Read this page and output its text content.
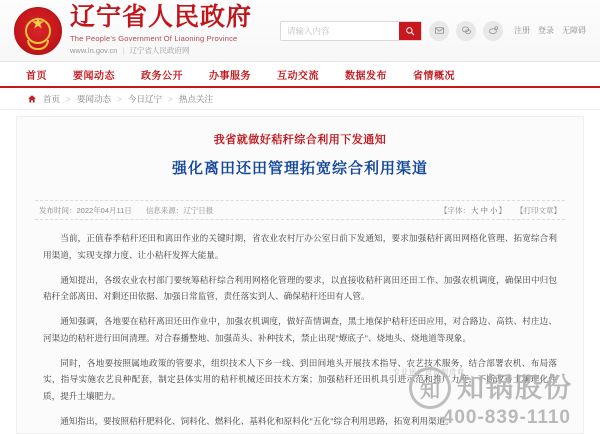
★ 辽宁省人民政府
The People's Government Of Liaoning Province
www.ln.gov.cn | 辽宁省人民政府网
请输入内容
注册 登录 无障碍
首页	要闻动态	政务公开	办事服务	互动交流	数据发布	省情概况
首页 > 要闻动态 > 今日辽宁 > 热点关注
我省就做好秸秆综合利用下发通知
强化离田还田管理拓宽综合利用渠道
发布时间：2022年04月11日 信息来源：辽宁日报	【字体：大 中 小】 【打印文章】

当前，正值春季秸秆还田和离田作业的关键时期，省农业农村厅办公室日前下发通知，要求加强秸秆离田网格化管理、拓宽综合利用渠道，实现支撑力度、让小秸秆发挥大能量。

通知提出，各级农业农村部门要统筹秸秆综合利用网格化管理的要求，以直接收秸秆离田还田工作、加强农机调度，确保田中归包秸秆全部离田、对剩还田依据、加强日常监管，责任落实到人、确保秸秆还田有人管。

通知强调，各地要在秸秆离田还田作业中，加强农机调度，做好苗情调查，黑土地保护秸秆还田应用，对合路边、高铁、村庄边、河渠边的秸秆进行田间清理。对合春播整地、加强苗头、补种技术，禁止出现"燎底子"、烧地头、烧地道等现象。

同时，各地要按照属地政策的管要求，组织技术人下乡一线、到田间地头开展技术指导、农艺技术服务，结合部署农机、布局落实，指导实施农艺良种配套，制定县体实用的秸秆机械还田技术方案；加强秸秆还田机具引进示范和推广力度，不断改善土壤理化性质，提升土壤肥力。

通知指出，要按照秸秆肥料化、饲料化、燃料化、基料化和原料化"五化"综合利用思路，拓宽利用渠道。

专业锅炉设备制造商
知 知锅股份
400-839-1110
